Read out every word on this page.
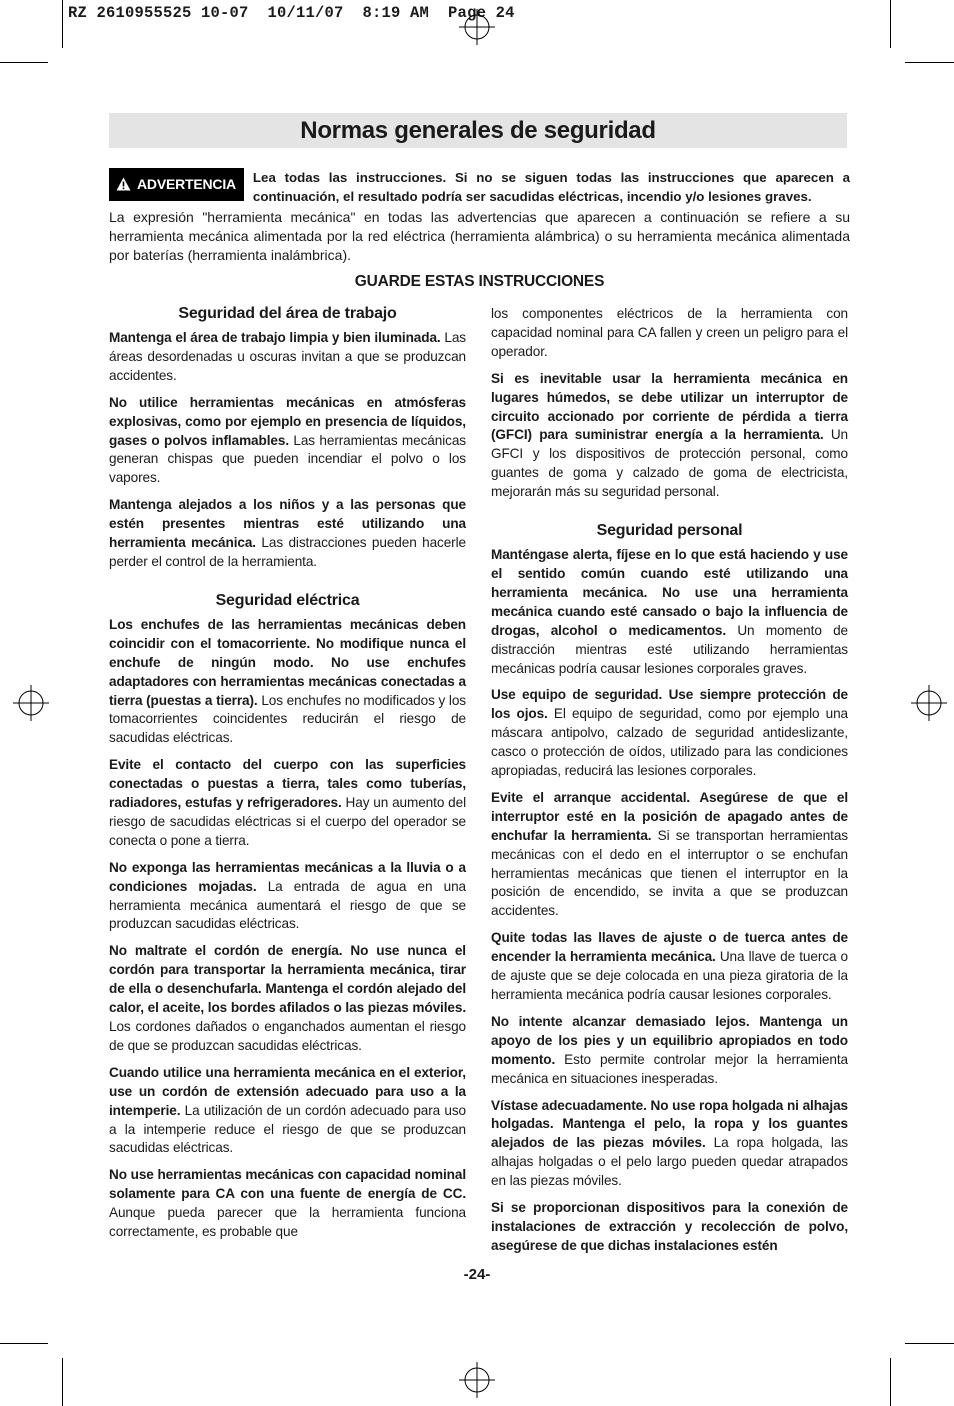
RZ 2610955525 10-07  10/11/07  8:19 AM  Page 24
Normas generales de seguridad
ADVERTENCIA	Lea todas las instrucciones. Si no se siguen todas las instrucciones que aparecen a continuación, el resultado podría ser sacudidas eléctricas, incendio y/o lesiones graves.
La expresión "herramienta mecánica" en todas las advertencias que aparecen a continuación se refiere a su herramienta mecánica alimentada por la red eléctrica (herramienta alámbrica) o su herramienta mecánica alimentada por baterías (herramienta inalámbrica).
GUARDE ESTAS INSTRUCCIONES
Seguridad del área de trabajo

Mantenga el área de trabajo limpia y bien iluminada. Las áreas desordenadas u oscuras invitan a que se produzcan accidentes.

No utilice herramientas mecánicas en atmósferas explosivas, como por ejemplo en presencia de líquidos, gases o polvos inflamables. Las herramientas mecánicas generan chispas que pueden incendiar el polvo o los vapores.

Mantenga alejados a los niños y a las personas que estén presentes mientras esté utilizando una herramienta mecánica. Las distracciones pueden hacerle perder el control de la herramienta.

Seguridad eléctrica

Los enchufes de las herramientas mecánicas deben coincidir con el tomacorriente. No modifique nunca el enchufe de ningún modo. No use enchufes adaptadores con herramientas mecánicas conectadas a tierra (puestas a tierra). Los enchufes no modificados y los tomacorrientes coincidentes reducirán el riesgo de sacudidas eléctricas.

Evite el contacto del cuerpo con las superficies conectadas o puestas a tierra, tales como tuberías, radiadores, estufas y refrigeradores. Hay un aumento del riesgo de sacudidas eléctricas si el cuerpo del operador se conecta o pone a tierra.

No exponga las herramientas mecánicas a la lluvia o a condiciones mojadas. La entrada de agua en una herramienta mecánica aumentará el riesgo de que se produzcan sacudidas eléctricas.

No maltrate el cordón de energía. No use nunca el cordón para transportar la herramienta mecánica, tirar de ella o desenchufarla. Mantenga el cordón alejado del calor, el aceite, los bordes afilados o las piezas móviles. Los cordones dañados o enganchados aumentan el riesgo de que se produzcan sacudidas eléctricas.

Cuando utilice una herramienta mecánica en el exterior, use un cordón de extensión adecuado para uso a la intemperie. La utilización de un cordón adecuado para uso a la intemperie reduce el riesgo de que se produzcan sacudidas eléctricas.

No use herramientas mecánicas con capacidad nominal solamente para CA con una fuente de energía de CC. Aunque pueda parecer que la herramienta funciona correctamente, es probable que

los componentes eléctricos de la herramienta con capacidad nominal para CA fallen y creen un peligro para el operador.

Si es inevitable usar la herramienta mecánica en lugares húmedos, se debe utilizar un interruptor de circuito accionado por corriente de pérdida a tierra (GFCI) para suministrar energía a la herramienta. Un GFCI y los dispositivos de protección personal, como guantes de goma y calzado de goma de electricista, mejorarán más su seguridad personal.

Seguridad personal

Manténgase alerta, fíjese en lo que está haciendo y use el sentido común cuando esté utilizando una herramienta mecánica. No use una herramienta mecánica cuando esté cansado o bajo la influencia de drogas, alcohol o medicamentos. Un momento de distracción mientras esté utilizando herramientas mecánicas podría causar lesiones corporales graves.

Use equipo de seguridad. Use siempre protección de los ojos. El equipo de seguridad, como por ejemplo una máscara antipolvo, calzado de seguridad antideslizante, casco o protección de oídos, utilizado para las condiciones apropiadas, reducirá las lesiones corporales.

Evite el arranque accidental. Asegúrese de que el interruptor esté en la posición de apagado antes de enchufar la herramienta. Si se transportan herramientas mecánicas con el dedo en el interruptor o se enchufan herramientas mecánicas que tienen el interruptor en la posición de encendido, se invita a que se produzcan accidentes.

Quite todas las llaves de ajuste o de tuerca antes de encender la herramienta mecánica. Una llave de tuerca o de ajuste que se deje colocada en una pieza giratoria de la herramienta mecánica podría causar lesiones corporales.

No intente alcanzar demasiado lejos. Mantenga un apoyo de los pies y un equilibrio apropiados en todo momento. Esto permite controlar mejor la herramienta mecánica en situaciones inesperadas.

Vístase adecuadamente. No use ropa holgada ni alhajas holgadas. Mantenga el pelo, la ropa y los guantes alejados de las piezas móviles. La ropa holgada, las alhajas holgadas o el pelo largo pueden quedar atrapados en las piezas móviles.

Si se proporcionan dispositivos para la conexión de instalaciones de extracción y recolección de polvo, asegúrese de que dichas instalaciones estén

-24-
